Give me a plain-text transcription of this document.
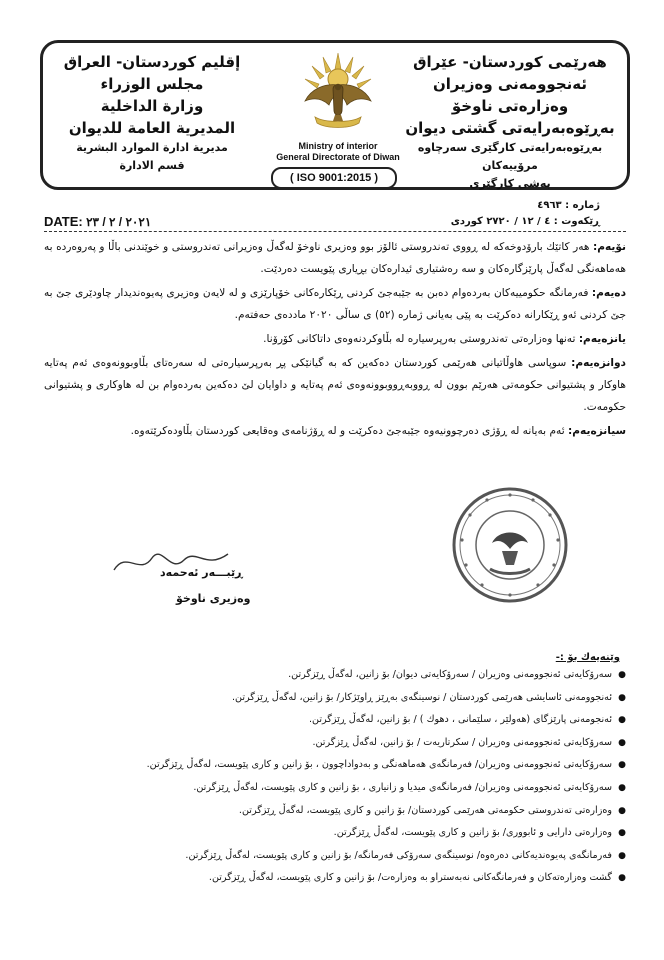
هەرێمی کوردستان- عێراق
ئەنجوومەنی وەزیران
وەزارەتی ناوخۆ
بەڕێوەبەرایەتی گشتی دیوان
بەڕێوەبەرایەتی کارگێری سەرچاوە مرۆییەکان
بەشی کارگێری
Ministry of interior
General Directorate of Diwan
( ISO 9001:2015 )
إقليم كوردستان- العراق
مجلس الوزراء
وزارة الداخلية
المديرية العامة للديوان
مديرية ادارة الموارد البشرية
قسم الادارة
ژمارە : ٤٩٦٣
ڕێکەوت : ٤ / ١٢ / ٢٧٢٠ کوردی
DATE: ٢٠٢١ / ٢ / ٢٣

نۆیەم: هەر کاتێك بارۆدوخەکە لە ڕووی تەندروستی ئالۆز بوو وەزیری ناوخۆ لەگەڵ وەزیرانی تەندروستی و خوێندنی باڵا و پەروەردە بە هەماهەنگی لەگەڵ پارێزگارەکان و سە رەشتیاری ئیدارەکان بڕیاری پێویست دەردێت.

دەیەم: فەرمانگە حکومییەکان بەردەوام دەبن بە جێبەجێ کردنی ڕێکارەکانی خۆپارێزی و لە لایەن وەزیری پەیوەندیدار چاودێری جێ بە جێ کردنی ئەو ڕێکارانە دەکرێت بە پێی بەیانی ژمارە (٥٢) ی ساڵی ٢٠٢٠ ماددەی حەفتەم.

یانزەیەم: تەنها وەزارەتی تەندروستی بەرپرسیارە لە بڵاوکردنەوەی داتاکانی کۆرۆنا.

دوانزەیەم: سوپاسی هاوڵاتیانی هەرێمی کوردستان دەکەین کە بە گیانێکی پڕ بەرپرسیارەتی لە سەرەتای بڵاوبوونەوەی ئەم پەتایە هاوکار و پشتیوانی حکومەتی هەرێم بوون لە ڕووبەڕووبوونەوەی ئەم پەتایە و داوایان لێ دەکەین بەردەوام بن لە هاوکاری و پشتیوانی حکومەت.

سیانزەیەم: ئەم بەیانە لە ڕۆژی دەرچوونیەوە جێبەجێ دەکرێت و لە ڕۆژنامەی وەقایعی کوردستان بڵاودەکرێتەوە.

ڕێبـــەر ئەحمەد
وەزیری ناوخۆ
وێنەیەك بۆ :-
●
سەرۆکایەتی ئەنجوومەنی وەزیران / سەرۆکایەتی دیوان/ بۆ زانین، لەگەڵ ڕێزگرتن.
●
ئەنجوومەنی ئاسایشی هەرێمی کوردستان / نوسینگەی بەڕێز ڕاوێژکار/ بۆ زانین، لەگەڵ ڕێزگرتن.
●
ئەنجومەنی پارێزگای (هەولێر ، سلێمانی ، دهوك ) / بۆ زانین، لەگەڵ ڕێزگرتن.
●
سەرۆکایەتی ئەنجوومەنی وەزیران / سکرتاریەت / بۆ زانین، لەگەڵ ڕێزگرتن.
●
سەرۆکایەتی ئەنجوومەنی وەزیران/ فەرمانگەی هەماهەنگی و بەدواداچوون ، بۆ زانین و کاری پێویست، لەگەڵ ڕێزگرتن.
●
سەرۆکایەتی ئەنجوومەنی وەزیران/ فەرمانگەی میدیا و زانیاری ، بۆ زانین و کاری پێویست، لەگەڵ ڕێزگرتن.
●
وەزارەتی تەندروستی حکومەتی هەرێمی کوردستان/ بۆ زانین و کاری پێویست، لەگەڵ ڕێزگرتن.
●
وەزارەتی دارایی و ئابووری/ بۆ زانین و کاری پێویست، لەگەڵ ڕێزگرتن.
●
فەرمانگەی پەیوەندیەکانی دەرەوە/ نوسینگەی سەرۆکی فەرمانگە/ بۆ زانین و کاری پێویست، لەگەڵ ڕێزگرتن.
●
گشت وەزارەتەکان و فەرمانگەکانی نەبەستراو بە وەزارەت/ بۆ زانین و کاری پێویست، لەگەڵ ڕێزگرتن.
